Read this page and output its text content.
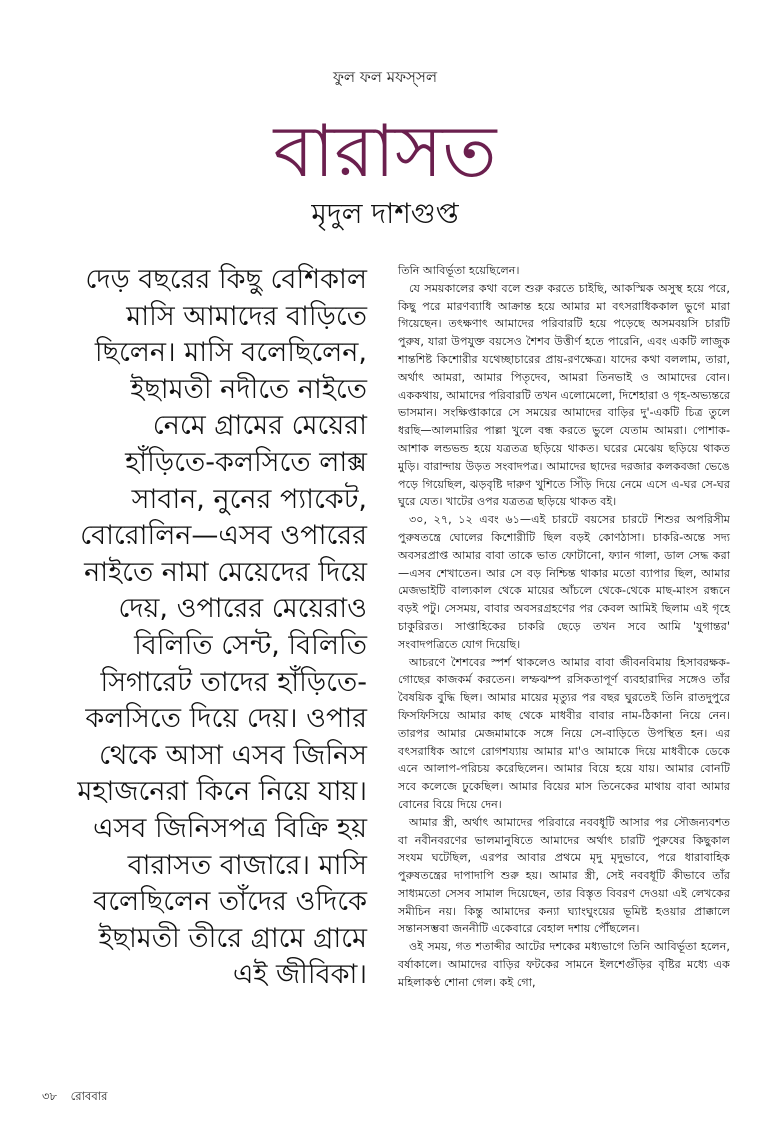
ফুল ফল মফস্‌সল
বারাসত
মৃদুল দাশগুপ্ত
দেড় বছরের কিছু বেশিকাল
মাসি আমাদের বাড়িতে
ছিলেন। মাসি বলেছিলেন,
ইছামতী নদীতে নাইতে
নেমে গ্রামের মেয়েরা
হাঁড়িতে-কলসিতে লাক্স
সাবান, নুনের প্যাকেট,
বোরোলিন—এসব ওপারের
নাইতে নামা মেয়েদের দিয়ে
দেয়, ওপারের মেয়েরাও
বিলিতি সেন্ট, বিলিতি
সিগারেট তাদের হাঁড়িতে-
কলসিতে দিয়ে দেয়। ওপার
থেকে আসা এসব জিনিস
মহাজনেরা কিনে নিয়ে যায়।
এসব জিনিসপত্র বিক্রি হয়
বারাসত বাজারে। মাসি
বলেছিলেন তাঁদের ওদিকে
ইছামতী তীরে গ্রামে গ্রামে
এই জীবিকা।

তিনি আবির্ভূতা হয়েছিলেন।

যে সময়কালের কথা বলে শুরু করতে চাইছি, আকস্মিক অসুস্থ হয়ে পরে, কিছু পরে মারণব্যাধি আক্রান্ত হয়ে আমার মা বৎসরাধিককাল ভুগে মারা গিয়েছেন। তৎক্ষণাৎ আমাদের পরিবারটি হয়ে পড়েছে অসমবয়সি চারটি পুরুষ, যারা উপযুক্ত বয়সেও শৈশব উত্তীর্ণ হতে পারেনি, এবং একটি লাজুক শান্তশিষ্ট কিশোরীর যথেচ্ছাচারের প্রায়-রণক্ষেত্র। যাদের কথা বললাম, তারা, অর্থাৎ আমরা, আমার পিতৃদেব, আমরা তিনভাই ও আমাদের বোন। এককথায়, আমাদের পরিবারটি তখন এলোমেলো, দিশেহারা ও গৃহ-অভ্যন্তরে ভাসমান। সংক্ষিপ্তাকারে সে সময়ের আমাদের বাড়ির দু'-একটি চিত্র তুলে ধরছি—আলমারির পাল্লা খুলে বন্ধ করতে ভুলে যেতাম আমরা। পোশাক-আশাক লন্ডভন্ড হয়ে যত্রতত্র ছড়িয়ে থাকত। ঘরের মেঝেয় ছড়িয়ে থাকত মুড়ি। বারান্দায় উড়ত সংবাদপত্র। আমাদের ছাদের দরজার কলকবজা ভেঙে পড়ে গিয়েছিল, ঝড়বৃষ্টি দারুণ খুশিতে সিঁড়ি দিয়ে নেমে এসে এ-ঘর সে-ঘর ঘুরে যেত। খাটের ওপর যত্রতত্র ছড়িয়ে থাকত বই।

৩০, ২৭, ১২ এবং ৬১—এই চারটে বয়সের চারটে শিশুর অপরিসীম পুরুষতন্ত্রে ঘোলের কিশোরীটি ছিল বড়ই কোণঠাসা। চাকরি-অন্তে সদ্য অবসরপ্রাপ্ত আমার বাবা তাকে ভাত ফোটানো, ফ্যান গালা, ডাল সেদ্ধ করা—এসব শেখাতেন। আর সে বড় নিশ্চিন্ত থাকার মতো ব্যাপার ছিল, আমার মেজভাইটি বাল্যকাল থেকে মায়ের আঁচলে থেকে-থেকে মাছ-মাংস রন্ধনে বড়ই পটু। সেসময়, বাবার অবসরগ্রহণের পর কেবল আমিই ছিলাম এই গৃহে চাকুরিরত। সাপ্তাহিকের চাকরি ছেড়ে তখন সবে আমি 'যুগান্তর' সংবাদপত্রিতে যোগ দিয়েছি।

আচরণে শৈশবের স্পর্শ থাকলেও আমার বাবা জীবনবিমায় হিসাবরক্ষক-গোছের কাজকর্ম করতেন। লম্ফঝম্প রসিকতাপূর্ণ ব্যবহারাদির সঙ্গেও তাঁর বৈষয়িক বুদ্ধি ছিল। আমার মায়ের মৃত্যুর পর বছর ঘুরতেই তিনি রাতদুপুরে ফিসফিসিয়ে আমার কাছ থেকে মাধবীর বাবার নাম-ঠিকানা নিয়ে নেন। তারপর আমার মেজমামাকে সঙ্গে নিয়ে সে-বাড়িতে উপস্থিত হন। এর বৎসরাধিক আগে রোগশয্যায় আমার মা'ও আমাকে দিয়ে মাধবীকে ডেকে এনে আলাপ-পরিচয় করেছিলেন। আমার বিয়ে হয়ে যায়। আমার বোনটি সবে কলেজে ঢুকেছিল। আমার বিয়ের মাস তিনেকের মাথায় বাবা আমার বোনের বিয়ে দিয়ে দেন।

আমার স্ত্রী, অর্থাৎ আমাদের পরিবারে নববধূটি আসার পর সৌজন্যবশত বা নবীনবরণের ভালমানুষিতে আমাদের অর্থাৎ চারটি পুরুষের কিছুকাল সংযম ঘটেছিল, এরপর আবার প্রথমে মৃদু মৃদুভাবে, পরে ধারাবাহিক পুরুষতন্ত্রের দাপাদাপি শুরু হয়। আমার স্ত্রী, সেই নববধূটি কীভাবে তাঁর সাধ্যমতো সেসব সামাল দিয়েছেন, তার বিস্তৃত বিবরণ দেওয়া এই লেখকের সমীচিন নয়। কিন্তু আমাদের কন্যা ঘ্যাংঘুংয়ের ভূমিষ্ট হওয়ার প্রাক্কালে সন্তানসম্ভবা জননীটি একেবারে বেহাল দশায় পৌঁছলেন।

ওই সময়, গত শতাব্দীর আটের দশকের মধ্যভাগে তিনি আবির্ভূতা হলেন, বর্ষাকালে। আমাদের বাড়ির ফটকের সামনে ইলশেগুঁড়ির বৃষ্টির মধ্যে এক মহিলাকণ্ঠ শোনা গেল। কই গো,

৩৮ রোববার
